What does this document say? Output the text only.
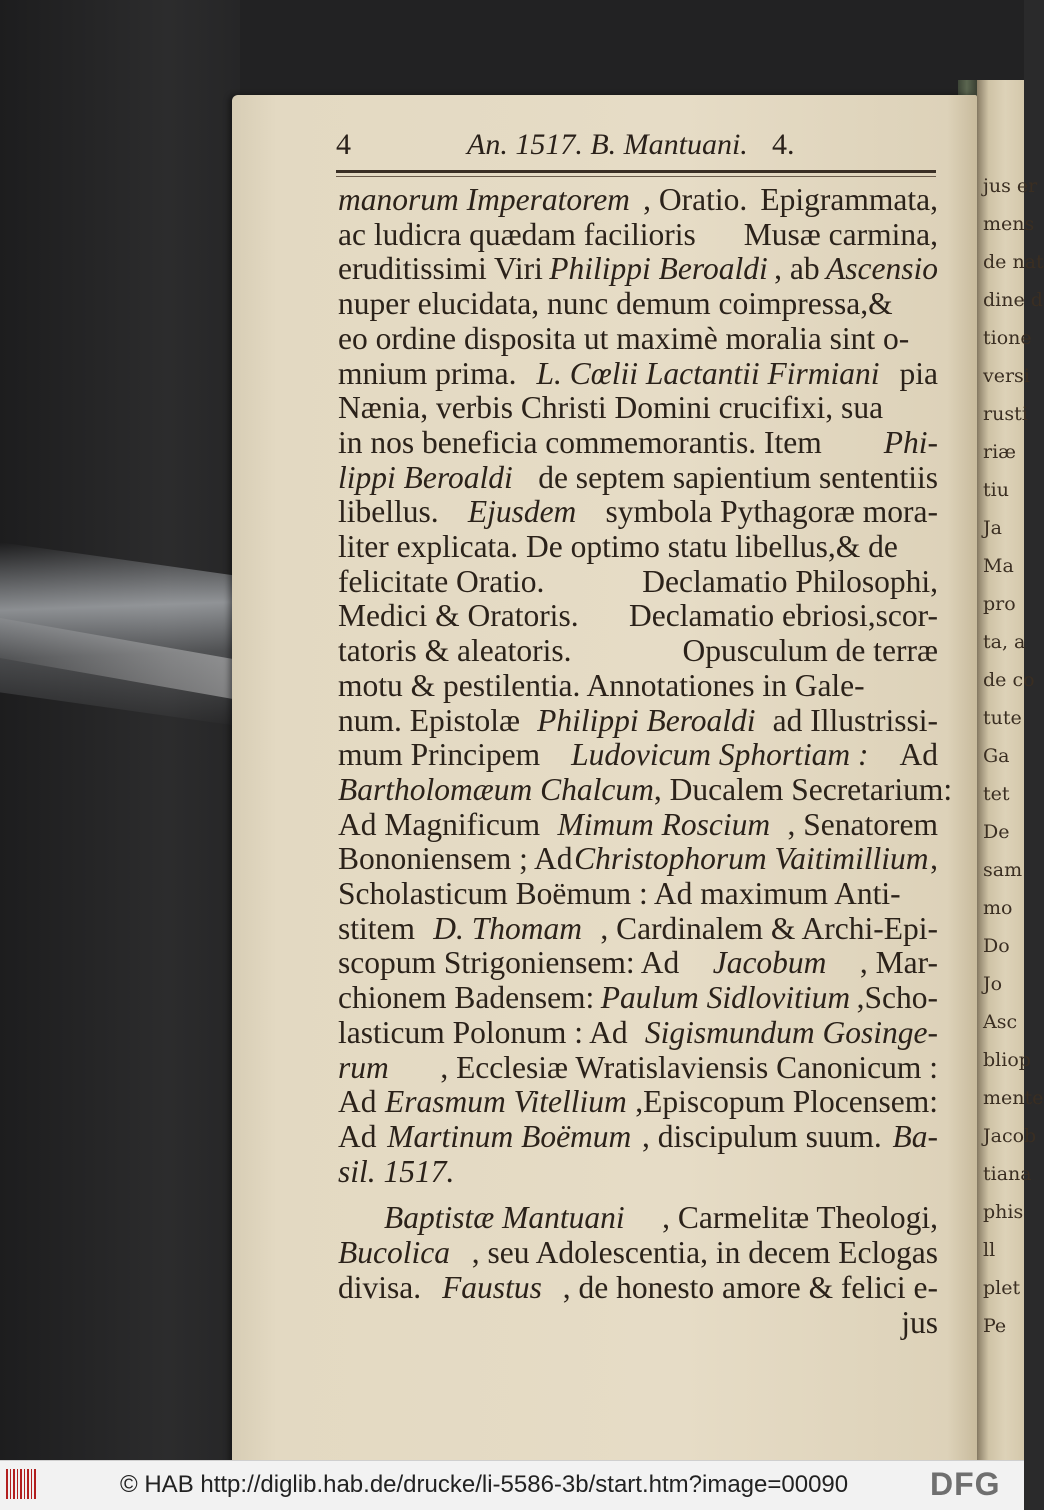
jus er
mens
de nat
dine d
tione
versi
rusti
riæ
tiu
Ja
Ma
pro
ta, a
de co
tute
Ga
tet
De
sam
mo
Do
Jo
Asc
bliop
mente
Jacob
tiana
phis
ll
plet
Pe
4	An. 1517. B. Mantuani. 4.
manorum Imperatorem , Oratio. Epigrammata,
ac ludicra quædam facilioris Musæ carmina,
eruditissimi Viri Philippi Beroaldi , ab Ascensio
nuper elucidata, nunc demum coimpressa,&
eo ordine disposita ut maximè moralia sint o-
mnium prima. L. Cœlii Lactantii Firmiani pia
Nænia, verbis Christi Domini crucifixi, sua
in nos beneficia commemorantis. Item Phi-
lippi Beroaldi de septem sapientium sententiis
libellus. Ejusdem symbola Pythagoræ mora-
liter explicata. De optimo statu libellus,& de
felicitate Oratio.	Declamatio Philosophi,
Medici & Oratoris. Declamatio ebriosi,scor-
tatoris & aleatoris.	Opusculum de terræ
motu & pestilentia. Annotationes in Gale-
num. Epistolæ Philippi Beroaldi ad Illustrissi-
mum Principem Ludovicum Sphortiam : Ad
Bartholomæum Chalcum , Ducalem Secretarium:
Ad Magnificum Mimum Roscium , Senatorem
Bononiensem ; Ad Christophorum Vaitimillium ,
Scholasticum Boëmum : Ad maximum Anti-
stitem D. Thomam , Cardinalem & Archi-Epi-
scopum Strigoniensem: Ad Jacobum , Mar-
chionem Badensem: Paulum Sidlovitium ,Scho-
lasticum Polonum : Ad Sigismundum Gosinge-
rum , Ecclesiæ Wratislaviensis Canonicum :
Ad Erasmum Vitellium ,Episcopum Plocensem:
Ad Martinum Boëmum , discipulum suum. Ba-
sil. 1517.
Baptistæ Mantuani , Carmelitæ Theologi,
Bucolica , seu Adolescentia, in decem Eclogas
divisa. Faustus , de honesto amore & felici e-
jus
© HAB http://diglib.hab.de/drucke/li-5586-3b/start.htm?image=00090	DFG
